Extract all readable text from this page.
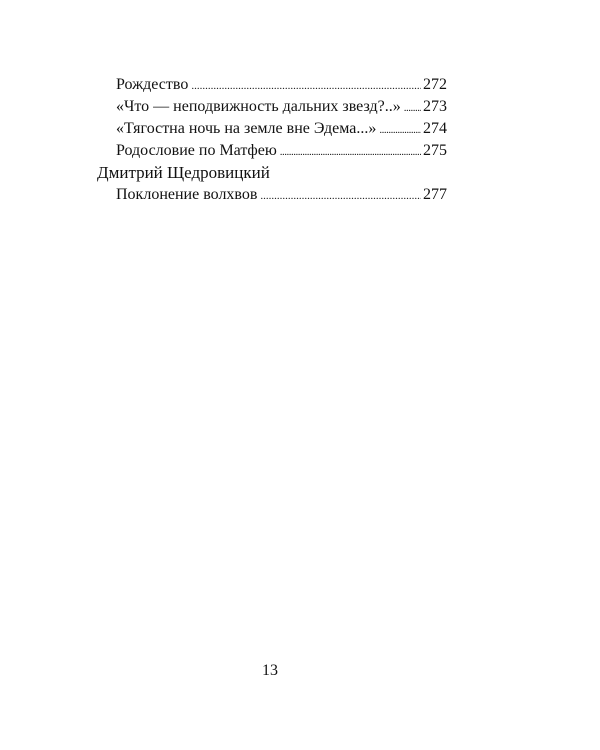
Рождество .....	272
«Что — неподвижность дальних звезд?..» ..... 273
«Тягостна ночь на земле вне Эдема...» .....	274
Родословие по Матфею .....	275
Дмитрий Щедровицкий
Поклонение волхвов .....	277
13
